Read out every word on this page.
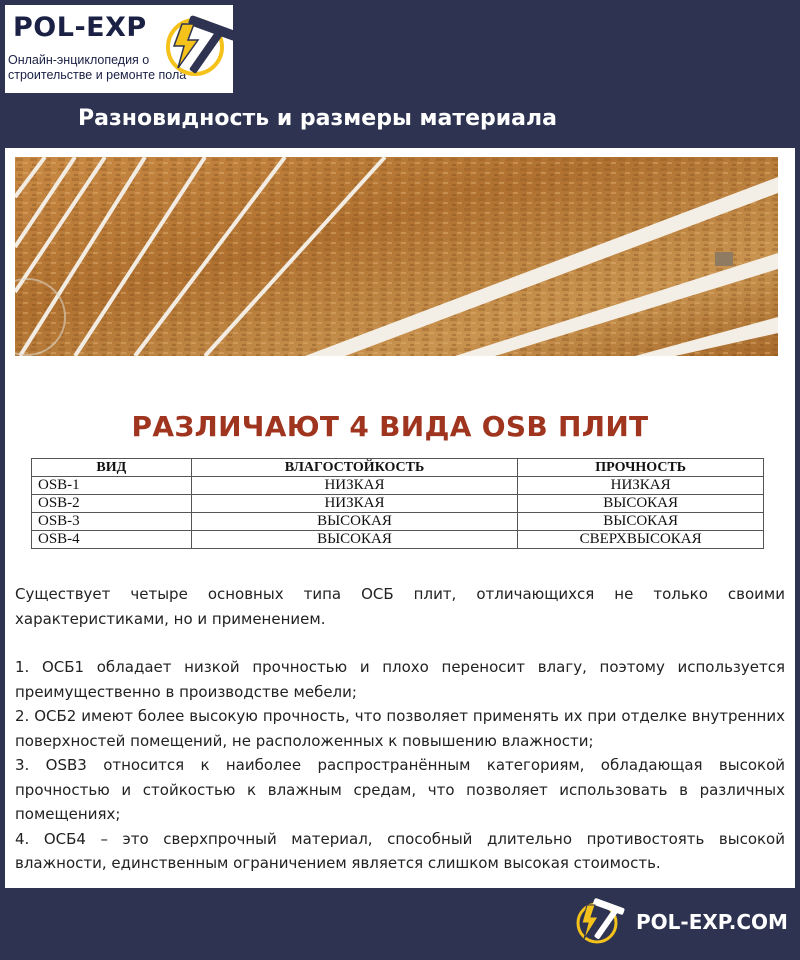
POL-EXP
Онлайн-энциклопедия о
строительстве и ремонте пола
Разновидность и размеры материала
РАЗЛИЧАЮТ 4 ВИДА OSB ПЛИТ
ВИД	ВЛАГОСТОЙКОСТЬ	ПРОЧНОСТЬ
OSB-1	НИЗКАЯ	НИЗКАЯ
OSB-2	НИЗКАЯ	ВЫСОКАЯ
OSB-3	ВЫСОКАЯ	ВЫСОКАЯ
OSB-4	ВЫСОКАЯ	СВЕРХВЫСОКАЯ

Существует четыре основных типа ОСБ плит, отличающихся не только своими характеристиками, но и применением.

1. ОСБ1 обладает низкой прочностью и плохо переносит влагу, поэтому используется преимущественно в производстве мебели;

2. ОСБ2 имеют более высокую прочность, что позволяет применять их при отделке внутренних поверхностей помещений, не расположенных к повышению влажности;

3. OSB3 относится к наиболее распространённым категориям, обладающая высокой прочностью и стойкостью к влажным средам, что позволяет использовать в различных помещениях;

4. ОСБ4 – это сверхпрочный материал, способный длительно противостоять высокой влажности, единственным ограничением является слишком высокая стоимость.

POL-EXP.COM
